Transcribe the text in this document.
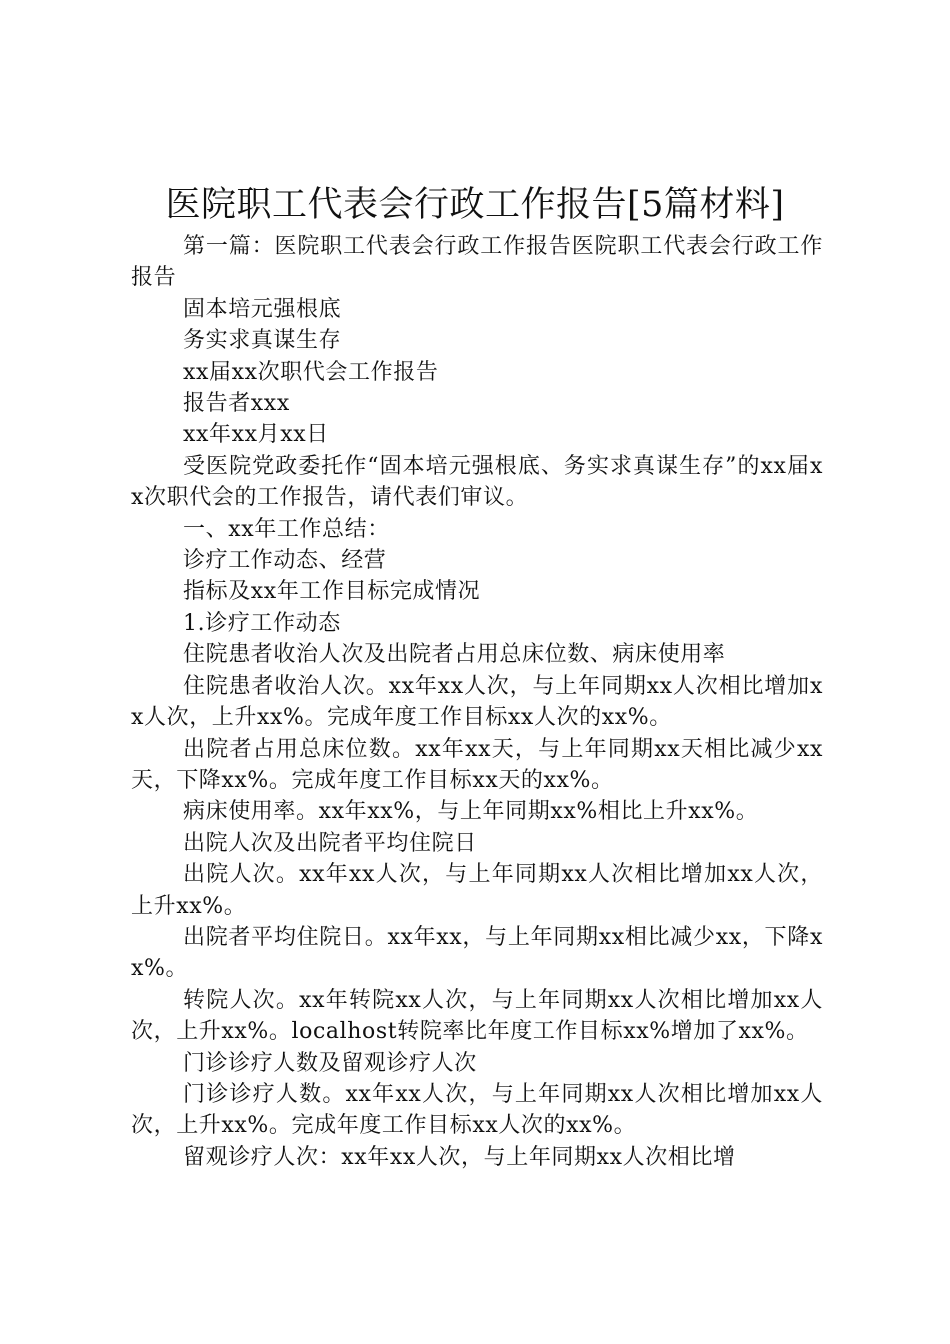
医院职工代表会行政工作报告[5篇材料]

第一篇：医院职工代表会行政工作报告医院职工代表会行政工作报告

固本培元强根底

务实求真谋生存

xx届xx次职代会工作报告

报告者xxx

xx年xx月xx日

受医院党政委托作“固本培元强根底、务实求真谋生存”的xx届xx次职代会的工作报告，请代表们审议。

一、xx年工作总结：

诊疗工作动态、经营

指标及xx年工作目标完成情况

1.诊疗工作动态

住院患者收治人次及出院者占用总床位数、病床使用率

住院患者收治人次。xx年xx人次，与上年同期xx人次相比增加xx人次，上升xx%。完成年度工作目标xx人次的xx%。

出院者占用总床位数。xx年xx天，与上年同期xx天相比减少xx天，下降xx%。完成年度工作目标xx天的xx%。

病床使用率。xx年xx%，与上年同期xx%相比上升xx%。

出院人次及出院者平均住院日

出院人次。xx年xx人次，与上年同期xx人次相比增加xx人次，上升xx%。

出院者平均住院日。xx年xx，与上年同期xx相比减少xx，下降xx%。

转院人次。xx年转院xx人次，与上年同期xx人次相比增加xx人次，上升xx%。localhost转院率比年度工作目标xx%增加了xx%。

门诊诊疗人数及留观诊疗人次

门诊诊疗人数。xx年xx人次，与上年同期xx人次相比增加xx人次，上升xx%。完成年度工作目标xx人次的xx%。

留观诊疗人次：xx年xx人次，与上年同期xx人次相比增
